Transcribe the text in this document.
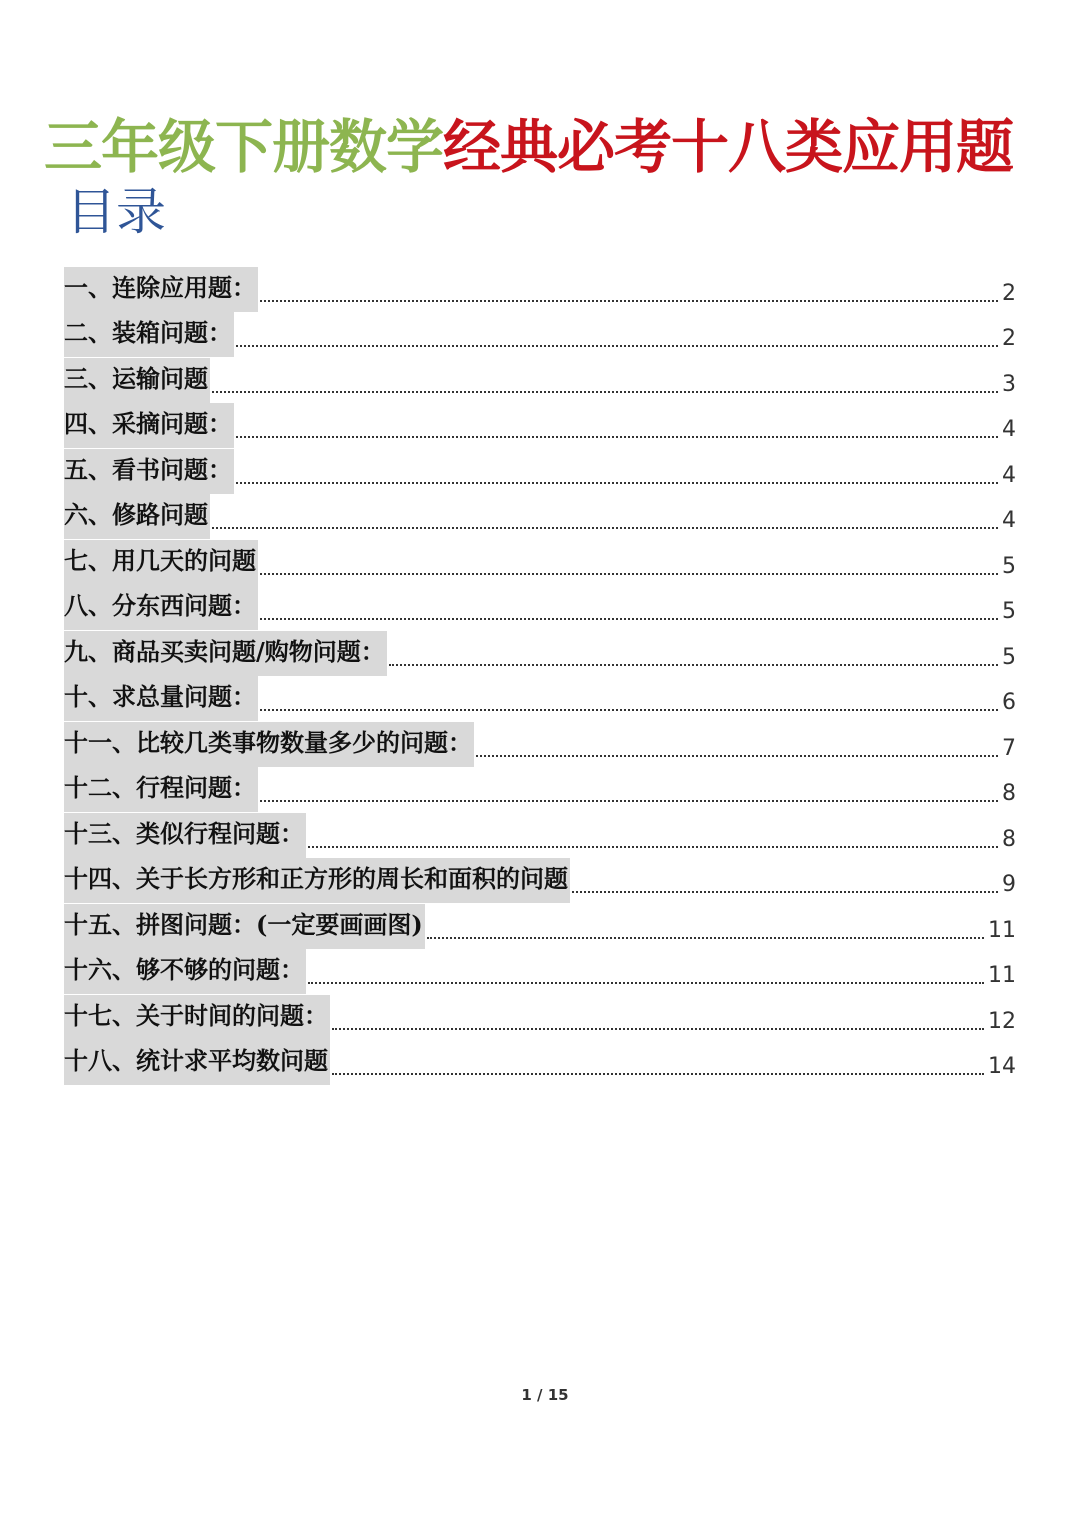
三年级下册数学经典必考十八类应用题
目录
一、连除应用题：	2
二、装箱问题：	2
三、运输问题	3
四、采摘问题：	4
五、看书问题：	4
六、修路问题	4
七、用几天的问题	5
八、分东西问题：	5
九、商品买卖问题/购物问题：	5
十、求总量问题：	6
十一、比较几类事物数量多少的问题：	7
十二、行程问题：	8
十三、类似行程问题：	8
十四、关于长方形和正方形的周长和面积的问题	9
十五、拼图问题：(一定要画画图)	11
十六、够不够的问题：	11
十七、关于时间的问题：	12
十八、统计求平均数问题	14
1 / 15
